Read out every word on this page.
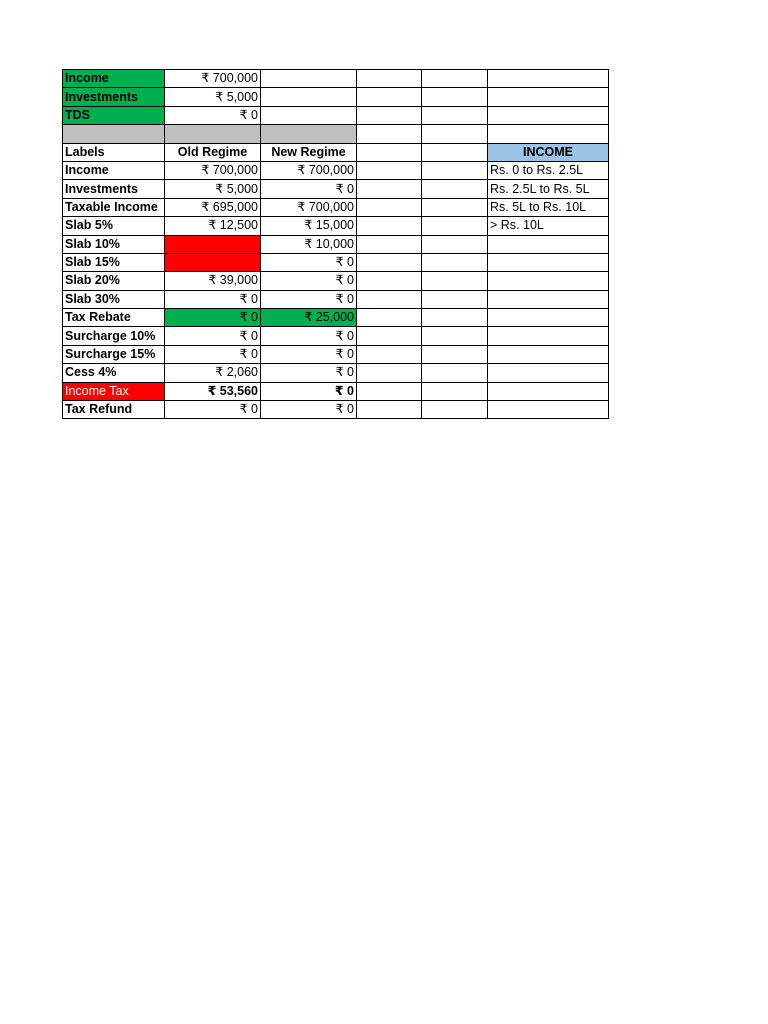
Income	₹ 700,000				
Investments	₹ 5,000				
TDS	₹ 0				

Labels	Old Regime	New Regime			INCOME
Income	₹ 700,000	₹ 700,000			Rs. 0 to Rs. 2.5L
Investments	₹ 5,000	₹ 0			Rs. 2.5L to Rs. 5L
Taxable Income	₹ 695,000	₹ 700,000			Rs. 5L to Rs. 10L
Slab 5%	₹ 12,500	₹ 15,000			> Rs. 10L
Slab 10%		₹ 10,000			
Slab 15%		₹ 0			
Slab 20%	₹ 39,000	₹ 0			
Slab 30%	₹ 0	₹ 0			
Tax Rebate	₹ 0	₹ 25,000			
Surcharge 10%	₹ 0	₹ 0			
Surcharge 15%	₹ 0	₹ 0			
Cess 4%	₹ 2,060	₹ 0			
Income Tax	₹ 53,560	₹ 0			
Tax Refund	₹ 0	₹ 0			
